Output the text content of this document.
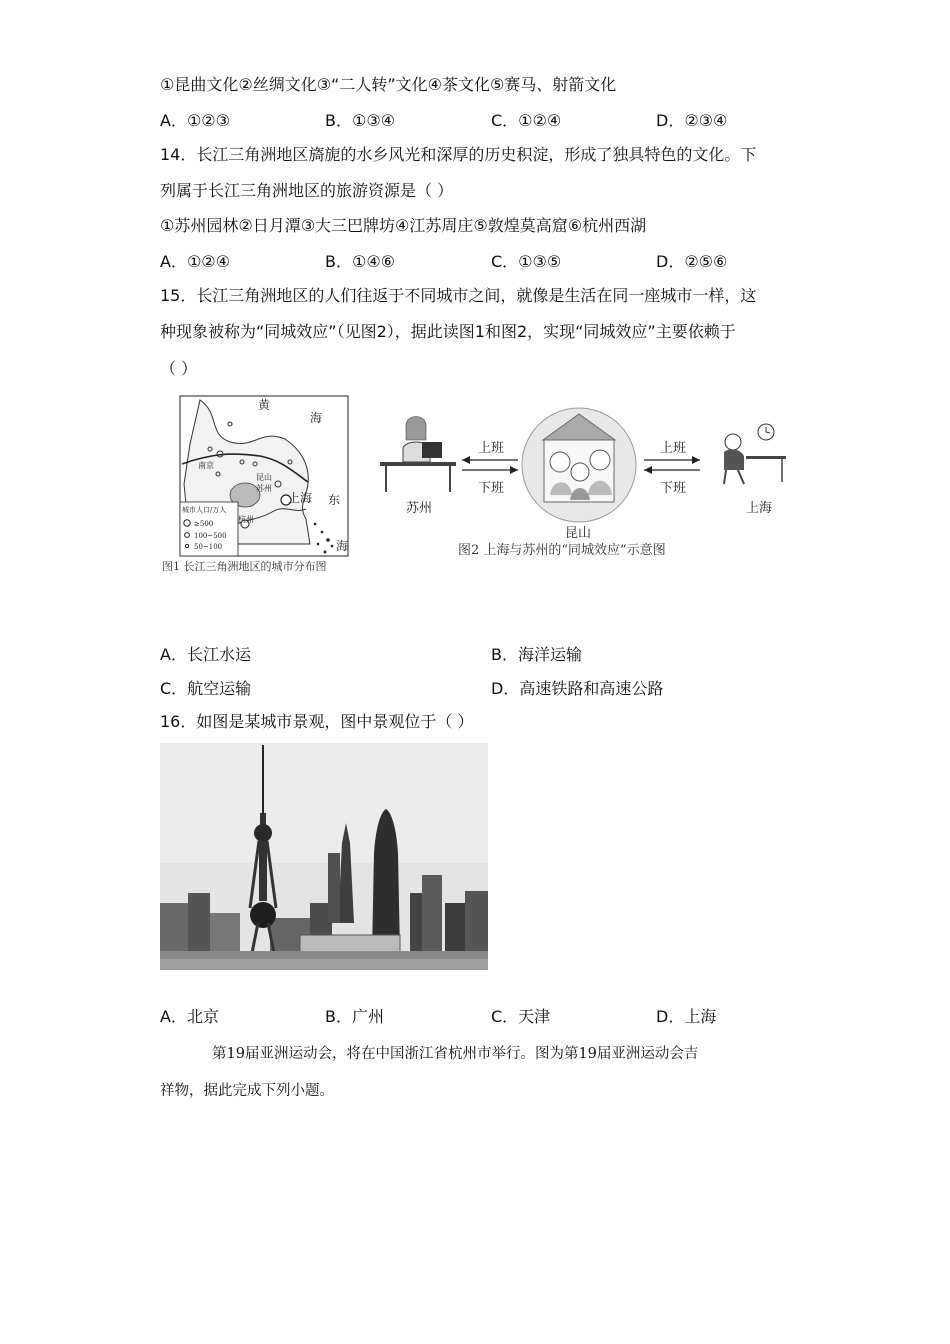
①昆曲文化②丝绸文化③“二人转”文化④茶文化⑤赛马、射箭文化
A．①②③	B．①③④	C．①②④	D．②③④
14．长江三角洲地区旖旎的水乡风光和深厚的历史积淀，形成了独具特色的文化。下
列属于长江三角洲地区的旅游资源是（ ）
①苏州园林②日月潭③大三巴牌坊④江苏周庄⑤敦煌莫高窟⑥杭州西湖
A．①②④	B．①④⑥	C．①③⑤	D．②⑤⑥
15．长江三角洲地区的人们往返于不同城市之间，就像是生活在同一座城市一样，这
种现象被称为“同城效应”（见图2），据此读图1和图2，实现“同城效应”主要依赖于
（ ）
黄
海
南京
昆山
苏州
上海 东
杭州
海
城市人口/万人
≥500
100~500
50~100
图1 长江三角洲地区的城市分布图
苏州
上班
下班
昆山
上班
下班
上海
图2 上海与苏州的“同城效应”示意图
A．长江水运	B．海洋运输
C．航空运输	D．高速铁路和高速公路
16．如图是某城市景观，图中景观位于（ ）
A．北京	B．广州	C．天津	D．上海
第19届亚洲运动会，将在中国浙江省杭州市举行。图为第19届亚洲运动会吉
祥物，据此完成下列小题。
